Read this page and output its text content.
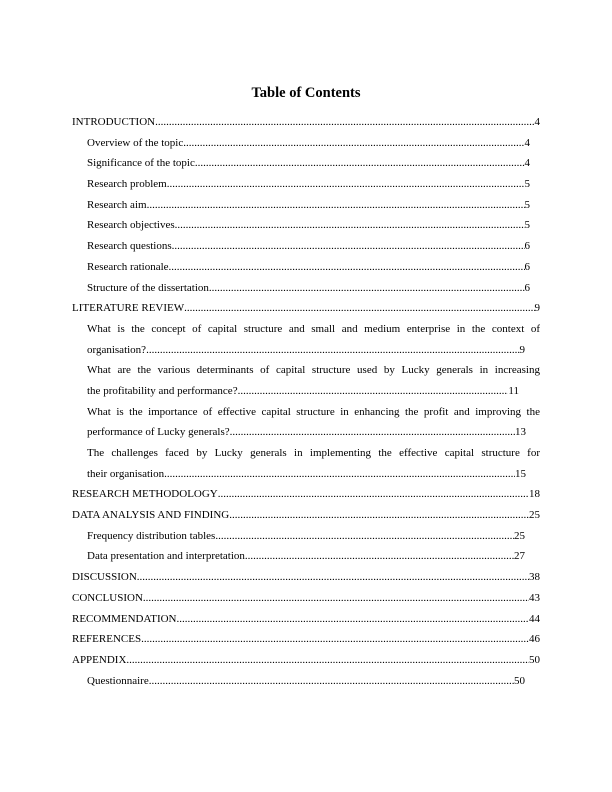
Table of Contents
INTRODUCTION .....	4
Overview of the topic .....	4
Significance of the topic .....	4
Research problem .....	5
Research aim .....	5
Research objectives .....	5
Research questions .....	6
Research rationale .....	6
Structure of the dissertation .....	6
LITERATURE REVIEW .....	9
What is the concept of capital structure and small and medium enterprise in the context of
organisation? .....	9
What are the various determinants of capital structure used by Lucky generals in increasing
the profitability and performance? .....	11
What is the importance of effective capital structure in enhancing the profit and improving the
performance of Lucky generals? .....	13
The challenges faced by Lucky generals in implementing the effective capital structure for
their organisation .....	15
RESEARCH METHODOLOGY .....	18
DATA ANALYSIS AND FINDING .....	25
Frequency distribution tables .....	25
Data presentation and interpretation .....	27
DISCUSSION .....	38
CONCLUSION .....	43
RECOMMENDATION .....	44
REFERENCES .....	46
APPENDIX .....	50
Questionnaire .....	50
